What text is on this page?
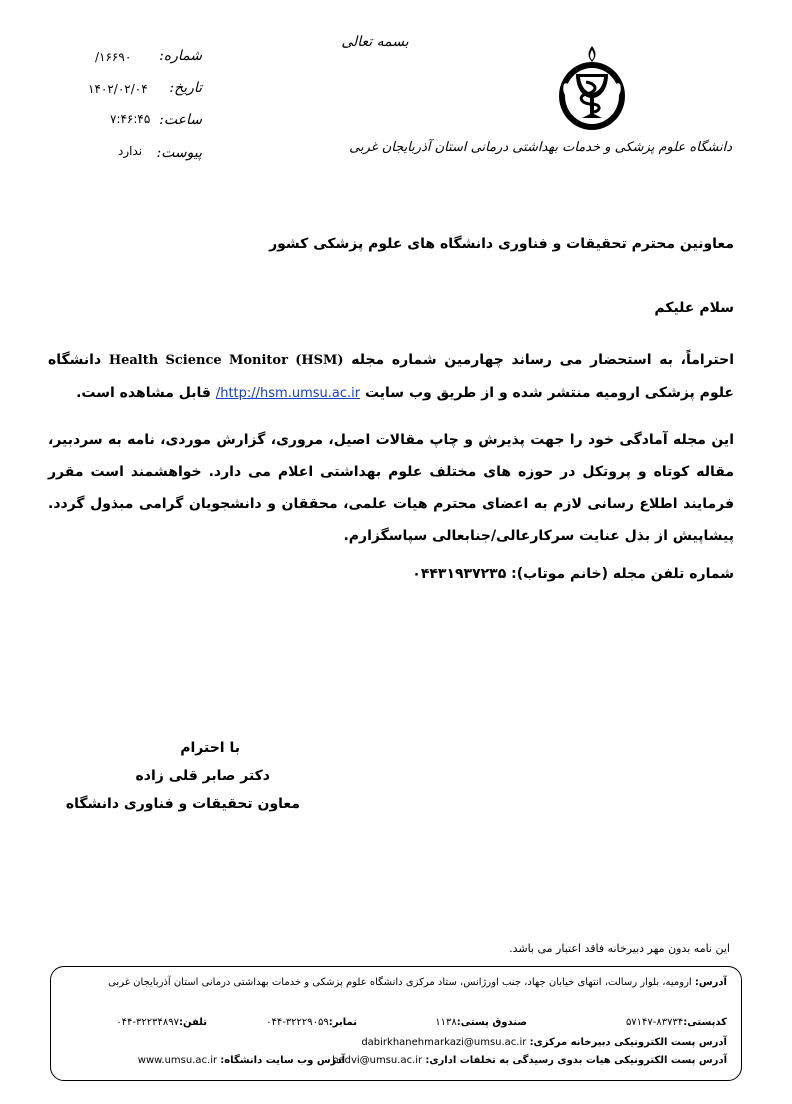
بسمه تعالی
دانشگاه علوم پزشکی و خدمات بهداشتی درمانی استان آذربایجان غربی
شماره:
/۱۶۶۹۰
تاریخ:
۱۴۰۲/۰۲/۰۴
ساعت:
۷:۴۶:۴۵
پیوست:
ندارد
معاونین محترم تحقیقات و فناوری دانشگاه های علوم پزشکی کشور
سلام علیکم
احتراماً، به استحضار می رساند چهارمین شماره مجله Health Science Monitor (HSM) دانشگاه علوم پزشکی ارومیه منتشر شده و از طریق وب سایت http://hsm.umsu.ac.ir/ قابل مشاهده است.
این مجله آمادگی خود را جهت پذیرش و چاپ مقالات اصیل، مروری، گزارش موردی، نامه به سردبیر، مقاله کوتاه و پروتکل در حوزه های مختلف علوم بهداشتی اعلام می دارد. خواهشمند است مقرر فرمایند اطلاع رسانی لازم به اعضای محترم هیات علمی، محققان و دانشجویان گرامی مبذول گردد. پیشاپیش از بذل عنایت سرکارعالی/جنابعالی سپاسگزارم.
شماره تلفن مجله (خانم موتاب): ۰۴۴۳۱۹۳۷۲۳۵
با احترام
دکتر صابر قلی زاده
معاون تحقیقات و فناوری دانشگاه
این نامه بدون مهر دبیرخانه فاقد اعتبار می باشد.
آدرس: ارومیه، بلوار رسالت، انتهای خیابان جهاد، جنب اورژانس، ستاد مرکزی دانشگاه علوم پزشکی و خدمات بهداشتی درمانی استان آذربایجان غربی
کدپستی:
۵۷۱۴۷-۸۳۷۳۴
صندوق پستی:
۱۱۳۸
نمابر:
۰۴۴-۳۲۲۲۹۰۵۹
تلفن:
۰۴۴-۳۲۲۳۴۸۹۷
آدرس پست الکترونیکی دبیرخانه مرکزی: dabirkhanehmarkazi@umsu.ac.ir
آدرس پست الکترونیکی هیات بدوی رسیدگی به تخلفات اداری: badvi@umsu.ac.ir
آدرس وب سایت دانشگاه: www.umsu.ac.ir
